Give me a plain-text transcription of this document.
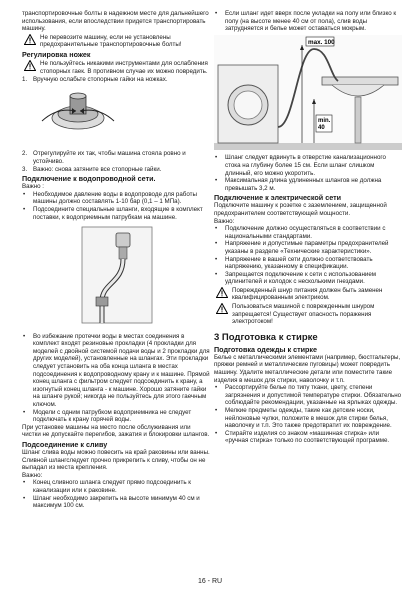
транспортировочные болты в надежном месте для дальнейшего использования, если впоследствии придется транспортировать машину.

Не перевозите машину, если не установлены предохранительные транспортировочные болты!
Регулировка ножек
Не пользуйтесь никакими инструментами для ослабления стопорных гаек. В противном случае их можно повредить.
1. Вручную ослабьте стопорные гайки на ножках.
2. Отрегулируйте их так, чтобы машина стояла ровно и устойчиво.
3. Важно: снова затяните все стопорные гайки.
Подключение к водопроводной сети.

Важно :

• Необходимое давление воды в водопроводе для работы машины должно составлять 1-10 бар (0,1 – 1 MПa).
• Подсоедините специальные шланги, входящие в комплект поставки, к водоприемным патрубкам на машине.
• Во избежание протечки воды в местах соединения в комплект входят резиновые прокладки (4 прокладки для моделей с двойной системой подачи воды и 2 прокладки для других моделей), установленные на шлангах. Эти прокладки следует установить на оба конца шланга в местах подсоединения к водопроводному крану и к машине. Прямой конец шланга с фильтром следует подсоединить к крану, а изогнутый конец шланга - к машине. Хорошо затяните гайки на шланге рукой; никогда не пользуйтесь для этого гаечным ключом.
• Модели с одним патрубком водоприемника не следует подключать к крану горячей воды.

При установке машины на место после обслуживания или чистки не допускайте перегибов, зажатия и блокировки шлангов.

Подсоединение к сливу

Шланг слива воды можно повесить на край раковины или ванны. Сливной шлангследует прочно прикрепить к сливу, чтобы он не выпадал из места крепления.

Важно:

• Конец сливного шланга следует прямо подсоединить к канализации или к раковине.
• Шланг необходимо закрепить на высоте минимум 40 см и максимум 100 см.
• Если шланг идет вверх после укладки на полу или близко к полу (на высоте менее 40 см от пола), слив воды затрудняется и белье может оставаться мокрым.
max. 100
min. 40
• Шланг следует вдвинуть в отверстие канализационного стока на глубину более 15 см. Если шланг слишком длинный, его можно укоротить.
• Максимальная длина удлиненных шлангов не должна превышать 3,2 м.
Подключение к электрической сети

Подключите машину к розетке с заземлением, защищенной предохранителем соответствующей мощности.

Важно:

• Подключение должно осуществляться в соответствии с национальными стандартами.
• Напряжение и допустимые параметры предохранителей указаны в разделе «Технические характеристики».
• Напряжение в вашей сети должно соответствовать напряжению, указанному в спецификации.
• Запрещается подключение к сети с использованием удлинителей и колодок с несколькими гнездами.
Поврежденный шнур питания должен быть заменен квалифицированным электриком.
Пользоваться машиной с поврежденным шнуром запрещается! Существует опасность поражения электротоком!
3 Подготовка к стирке
Подготовка одежды к стирке

Белье с металлическими элементами (например, бюстгальтеры, пряжки ремней и металлические пуговицы) может повредить машину. Удалите металлические детали или поместите такие изделия в мешок для стирки, наволочку и т.п.

• Рассортируйте белье по типу ткани, цвету, степени загрязнения и допустимой температуре стирки. Обязательно соблюдайте рекомендации, указанные на ярлыках одежды.
• Мелкие предметы одежды, такие как детские носки, нейлоновые чулки, положите в мешок для стирки белья, наволочку и т.п. Это также предотвратит их повреждение.
• Стирайте изделия со знаком «машинная стирка» или «ручная стирка» только по соответствующей программе.
16 - RU
